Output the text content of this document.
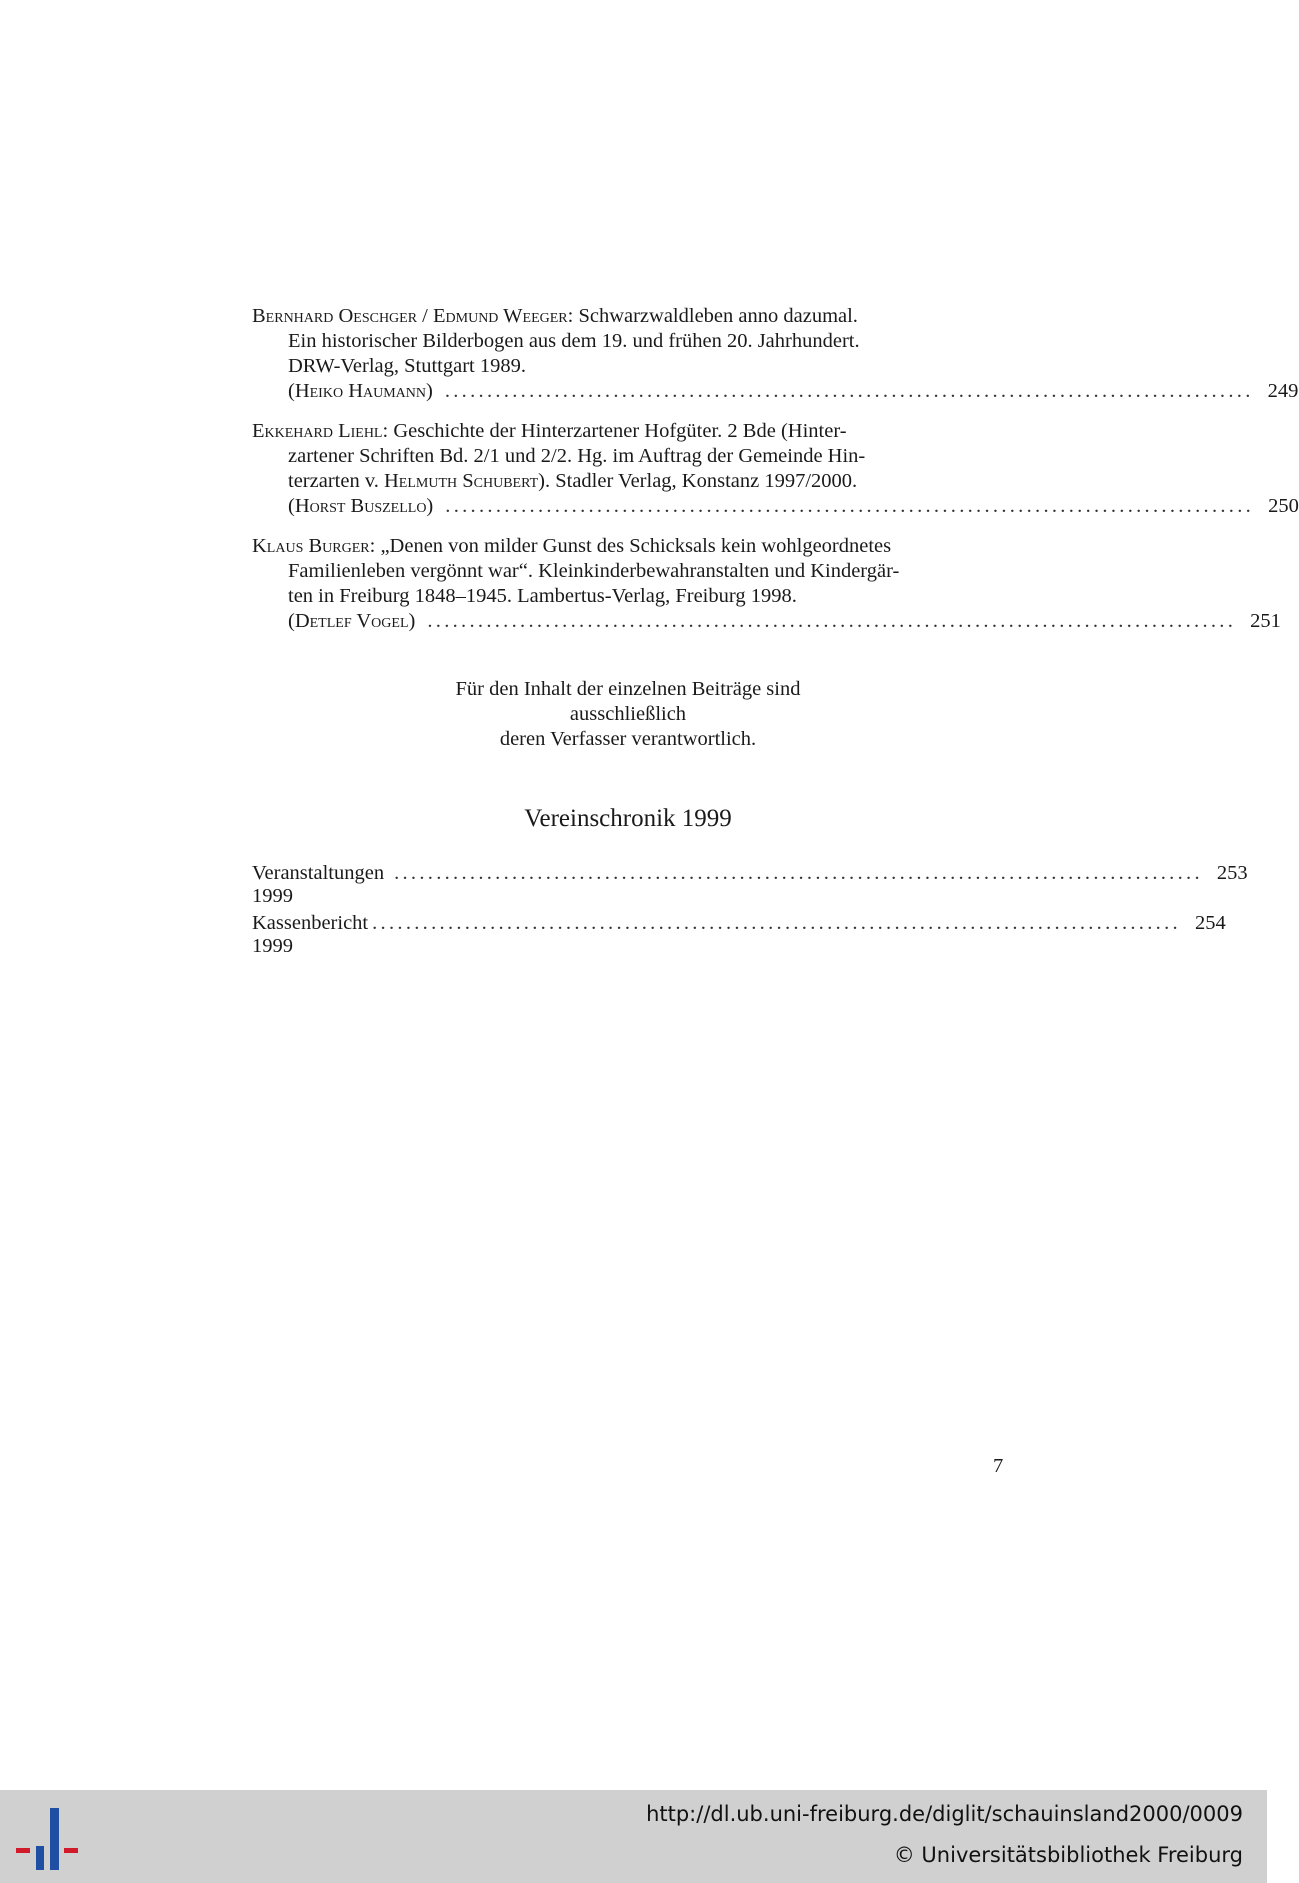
Bernhard Oeschger / Edmund Weeger: Schwarzwaldleben anno dazumal.
Ein historischer Bilderbogen aus dem 19. und frühen 20. Jahrhundert.
DRW-Verlag, Stuttgart 1989.
(Heiko Haumann) ................................................................................................ 249
Ekkehard Liehl: Geschichte der Hinterzartener Hofgüter. 2 Bde (Hinter-
zartener Schriften Bd. 2/1 und 2/2. Hg. im Auftrag der Gemeinde Hin-
terzarten v. Helmuth Schubert). Stadler Verlag, Konstanz 1997/2000.
(Horst Buszello) ................................................................................................ 250
Klaus Burger: „Denen von milder Gunst des Schicksals kein wohlgeordnetes
Familienleben vergönnt war“. Kleinkinderbewahranstalten und Kindergär-
ten in Freiburg 1848–1945. Lambertus-Verlag, Freiburg 1998.
(Detlef Vogel) ................................................................................................ 251
Für den Inhalt der einzelnen Beiträge sind
ausschließlich
deren Verfasser verantwortlich.
Vereinschronik 1999
Veranstaltungen 1999
................................................................................................ 253
Kassenbericht 1999
................................................................................................ 254
7
http://dl.ub.uni-freiburg.de/diglit/schauinsland2000/0009
© Universitätsbibliothek Freiburg
